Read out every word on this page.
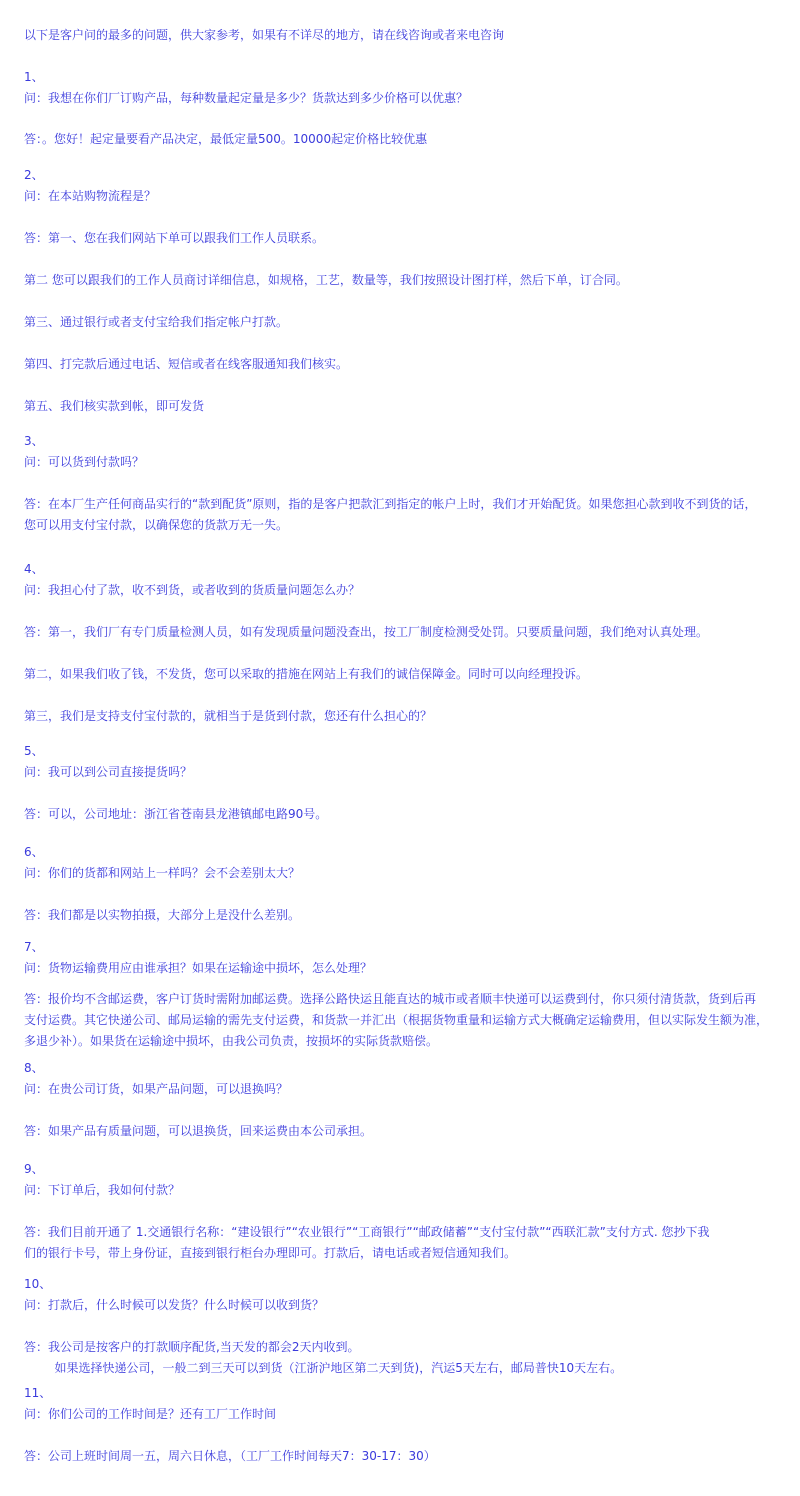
以下是客户问的最多的问题，供大家参考，如果有不详尽的地方，请在线咨询或者来电咨询

1、

问：我想在你们厂订购产品，每种数量起定量是多少？货款达到多少价格可以优惠？

答：。您好！起定量要看产品决定，最低定量500。10000起定价格比较优惠

2、

问：在本站购物流程是？

答：第一、您在我们网站下单可以跟我们工作人员联系。

第二 您可以跟我们的工作人员商讨详细信息，如规格，工艺，数量等，我们按照设计图打样，然后下单，订合同。

第三、通过银行或者支付宝给我们指定帐户打款。

第四、打完款后通过电话、短信或者在线客服通知我们核实。

第五、我们核实款到帐，即可发货

3、

问：可以货到付款吗？

答：在本厂生产任何商品实行的“款到配货”原则，指的是客户把款汇到指定的帐户上时，我们才开始配货。如果您担心款到收不到货的话，

您可以用支付宝付款，以确保您的货款万无一失。

4、

问：我担心付了款，收不到货，或者收到的货质量问题怎么办？

答：第一，我们厂有专门质量检测人员，如有发现质量问题没查出，按工厂制度检测受处罚。只要质量问题，我们绝对认真处理。

第二，如果我们收了钱，不发货，您可以采取的措施在网站上有我们的诚信保障金。同时可以向经理投诉。

第三，我们是支持支付宝付款的，就相当于是货到付款，您还有什么担心的？

5、

问：我可以到公司直接提货吗？

答：可以，公司地址：浙江省苍南县龙港镇邮电路90号。

6、

问：你们的货都和网站上一样吗？会不会差别太大？

答：我们都是以实物拍摄，大部分上是没什么差别。

7、

问：货物运输费用应由谁承担？如果在运输途中损坏，怎么处理？

答：报价均不含邮运费，客户订货时需附加邮运费。选择公路快运且能直达的城市或者顺丰快递可以运费到付，你只须付清货款，货到后再

支付运费。其它快递公司、邮局运输的需先支付运费，和货款一并汇出（根据货物重量和运输方式大概确定运输费用，但以实际发生额为准，

多退少补）。如果货在运输途中损坏，由我公司负责，按损坏的实际货款赔偿。

8、

问：在贵公司订货，如果产品问题，可以退换吗？

答：如果产品有质量问题，可以退换货，回来运费由本公司承担。

9、

问：下订单后，我如何付款？

答：我们目前开通了 1.交通银行名称：“建设银行”“农业银行”“工商银行”“邮政储蓄”“支付宝付款”“西联汇款”支付方式. 您抄下我

们的银行卡号，带上身份证，直接到银行柜台办理即可。打款后，请电话或者短信通知我们。

10、

问：打款后，什么时候可以发货？什么时候可以收到货？

答：我公司是按客户的打款顺序配货,当天发的都会2天内收到。

如果选择快递公司，一般二到三天可以到货（江浙沪地区第二天到货)，汽运5天左右，邮局普快10天左右。

11、

问：你们公司的工作时间是？还有工厂工作时间

答：公司上班时间周一五，周六日休息，（工厂工作时间每天7：30-17：30）
